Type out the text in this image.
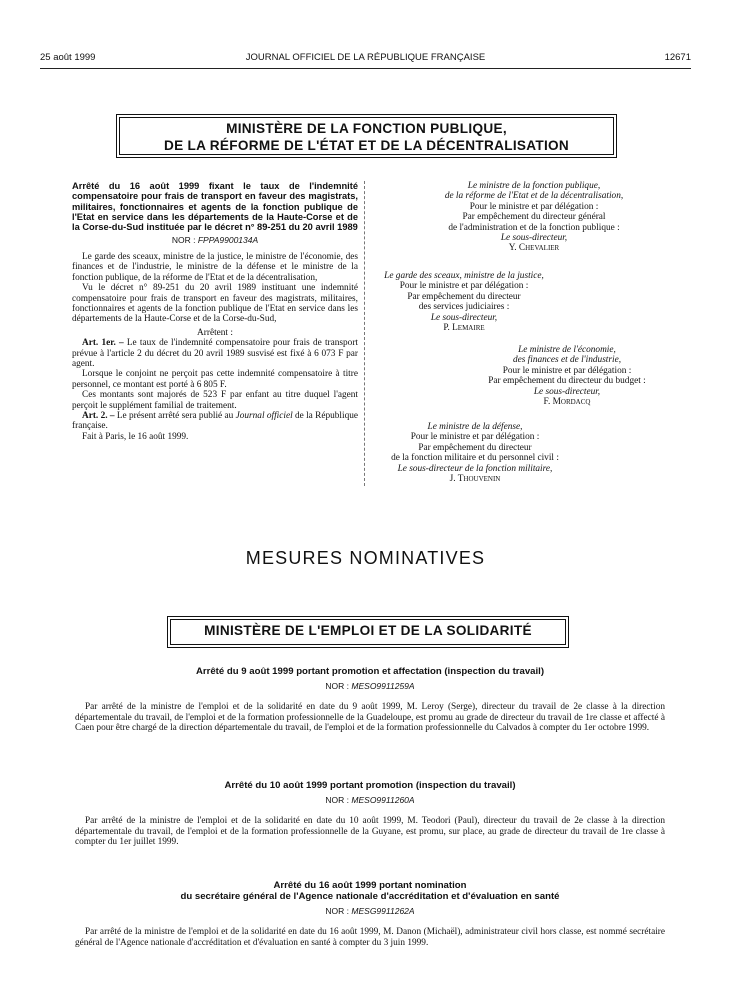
25 août 1999	JOURNAL OFFICIEL DE LA RÉPUBLIQUE FRANÇAISE	12671
MINISTÈRE DE LA FONCTION PUBLIQUE,
DE LA RÉFORME DE L'ÉTAT ET DE LA DÉCENTRALISATION
Arrêté du 16 août 1999 fixant le taux de l'indemnité compensatoire pour frais de transport en faveur des magistrats, militaires, fonctionnaires et agents de la fonction publique de l'Etat en service dans les départements de la Haute-Corse et de la Corse-du-Sud instituée par le décret n° 89-251 du 20 avril 1989
NOR : FPPA9900134A

Le garde des sceaux, ministre de la justice, le ministre de l'économie, des finances et de l'industrie, le ministre de la défense et le ministre de la fonction publique, de la réforme de l'Etat et de la décentralisation,

Vu le décret n° 89-251 du 20 avril 1989 instituant une indemnité compensatoire pour frais de transport en faveur des magistrats, militaires, fonctionnaires et agents de la fonction publique de l'Etat en service dans les départements de la Haute-Corse et de la Corse-du-Sud,

Arrêtent :

Art. 1er. – Le taux de l'indemnité compensatoire pour frais de transport prévue à l'article 2 du décret du 20 avril 1989 susvisé est fixé à 6 073 F par agent.

Lorsque le conjoint ne perçoit pas cette indemnité compensatoire à titre personnel, ce montant est porté à 6 805 F.

Ces montants sont majorés de 523 F par enfant au titre duquel l'agent perçoit le supplément familial de traitement.

Art. 2. – Le présent arrêté sera publié au Journal officiel de la République française.

Fait à Paris, le 16 août 1999.

Le ministre de la fonction publique,
de la réforme de l'Etat et de la décentralisation,
Pour le ministre et par délégation :
Par empêchement du directeur général
de l'administration et de la fonction publique :
Le sous-directeur,
Y. Chevalier
Le garde des sceaux, ministre de la justice,
Pour le ministre et par délégation :
Par empêchement du directeur
des services judiciaires :
Le sous-directeur,
P. Lemaire
Le ministre de l'économie,
des finances et de l'industrie,
Pour le ministre et par délégation :
Par empêchement du directeur du budget :
Le sous-directeur,
F. Mordacq
Le ministre de la défense,
Pour le ministre et par délégation :
Par empêchement du directeur
de la fonction militaire et du personnel civil :
Le sous-directeur de la fonction militaire,
J. Thouvenin
MESURES NOMINATIVES
MINISTÈRE DE L'EMPLOI ET DE LA SOLIDARITÉ
Arrêté du 9 août 1999 portant promotion et affectation (inspection du travail)
NOR : MESO9911259A
Par arrêté de la ministre de l'emploi et de la solidarité en date du 9 août 1999, M. Leroy (Serge), directeur du travail de 2e classe à la direction départementale du travail, de l'emploi et de la formation professionnelle de la Guadeloupe, est promu au grade de directeur du travail de 1re classe et affecté à Caen pour être chargé de la direction départementale du travail, de l'emploi et de la formation professionnelle du Calvados à compter du 1er octobre 1999.
Arrêté du 10 août 1999 portant promotion (inspection du travail)
NOR : MESO9911260A
Par arrêté de la ministre de l'emploi et de la solidarité en date du 10 août 1999, M. Teodori (Paul), directeur du travail de 2e classe à la direction départementale du travail, de l'emploi et de la formation professionnelle de la Guyane, est promu, sur place, au grade de directeur du travail de 1re classe à compter du 1er juillet 1999.
Arrêté du 16 août 1999 portant nomination
du secrétaire général de l'Agence nationale d'accréditation et d'évaluation en santé
NOR : MESG9911262A
Par arrêté de la ministre de l'emploi et de la solidarité en date du 16 août 1999, M. Danon (Michaël), administrateur civil hors classe, est nommé secrétaire général de l'Agence nationale d'accréditation et d'évaluation en santé à compter du 3 juin 1999.
